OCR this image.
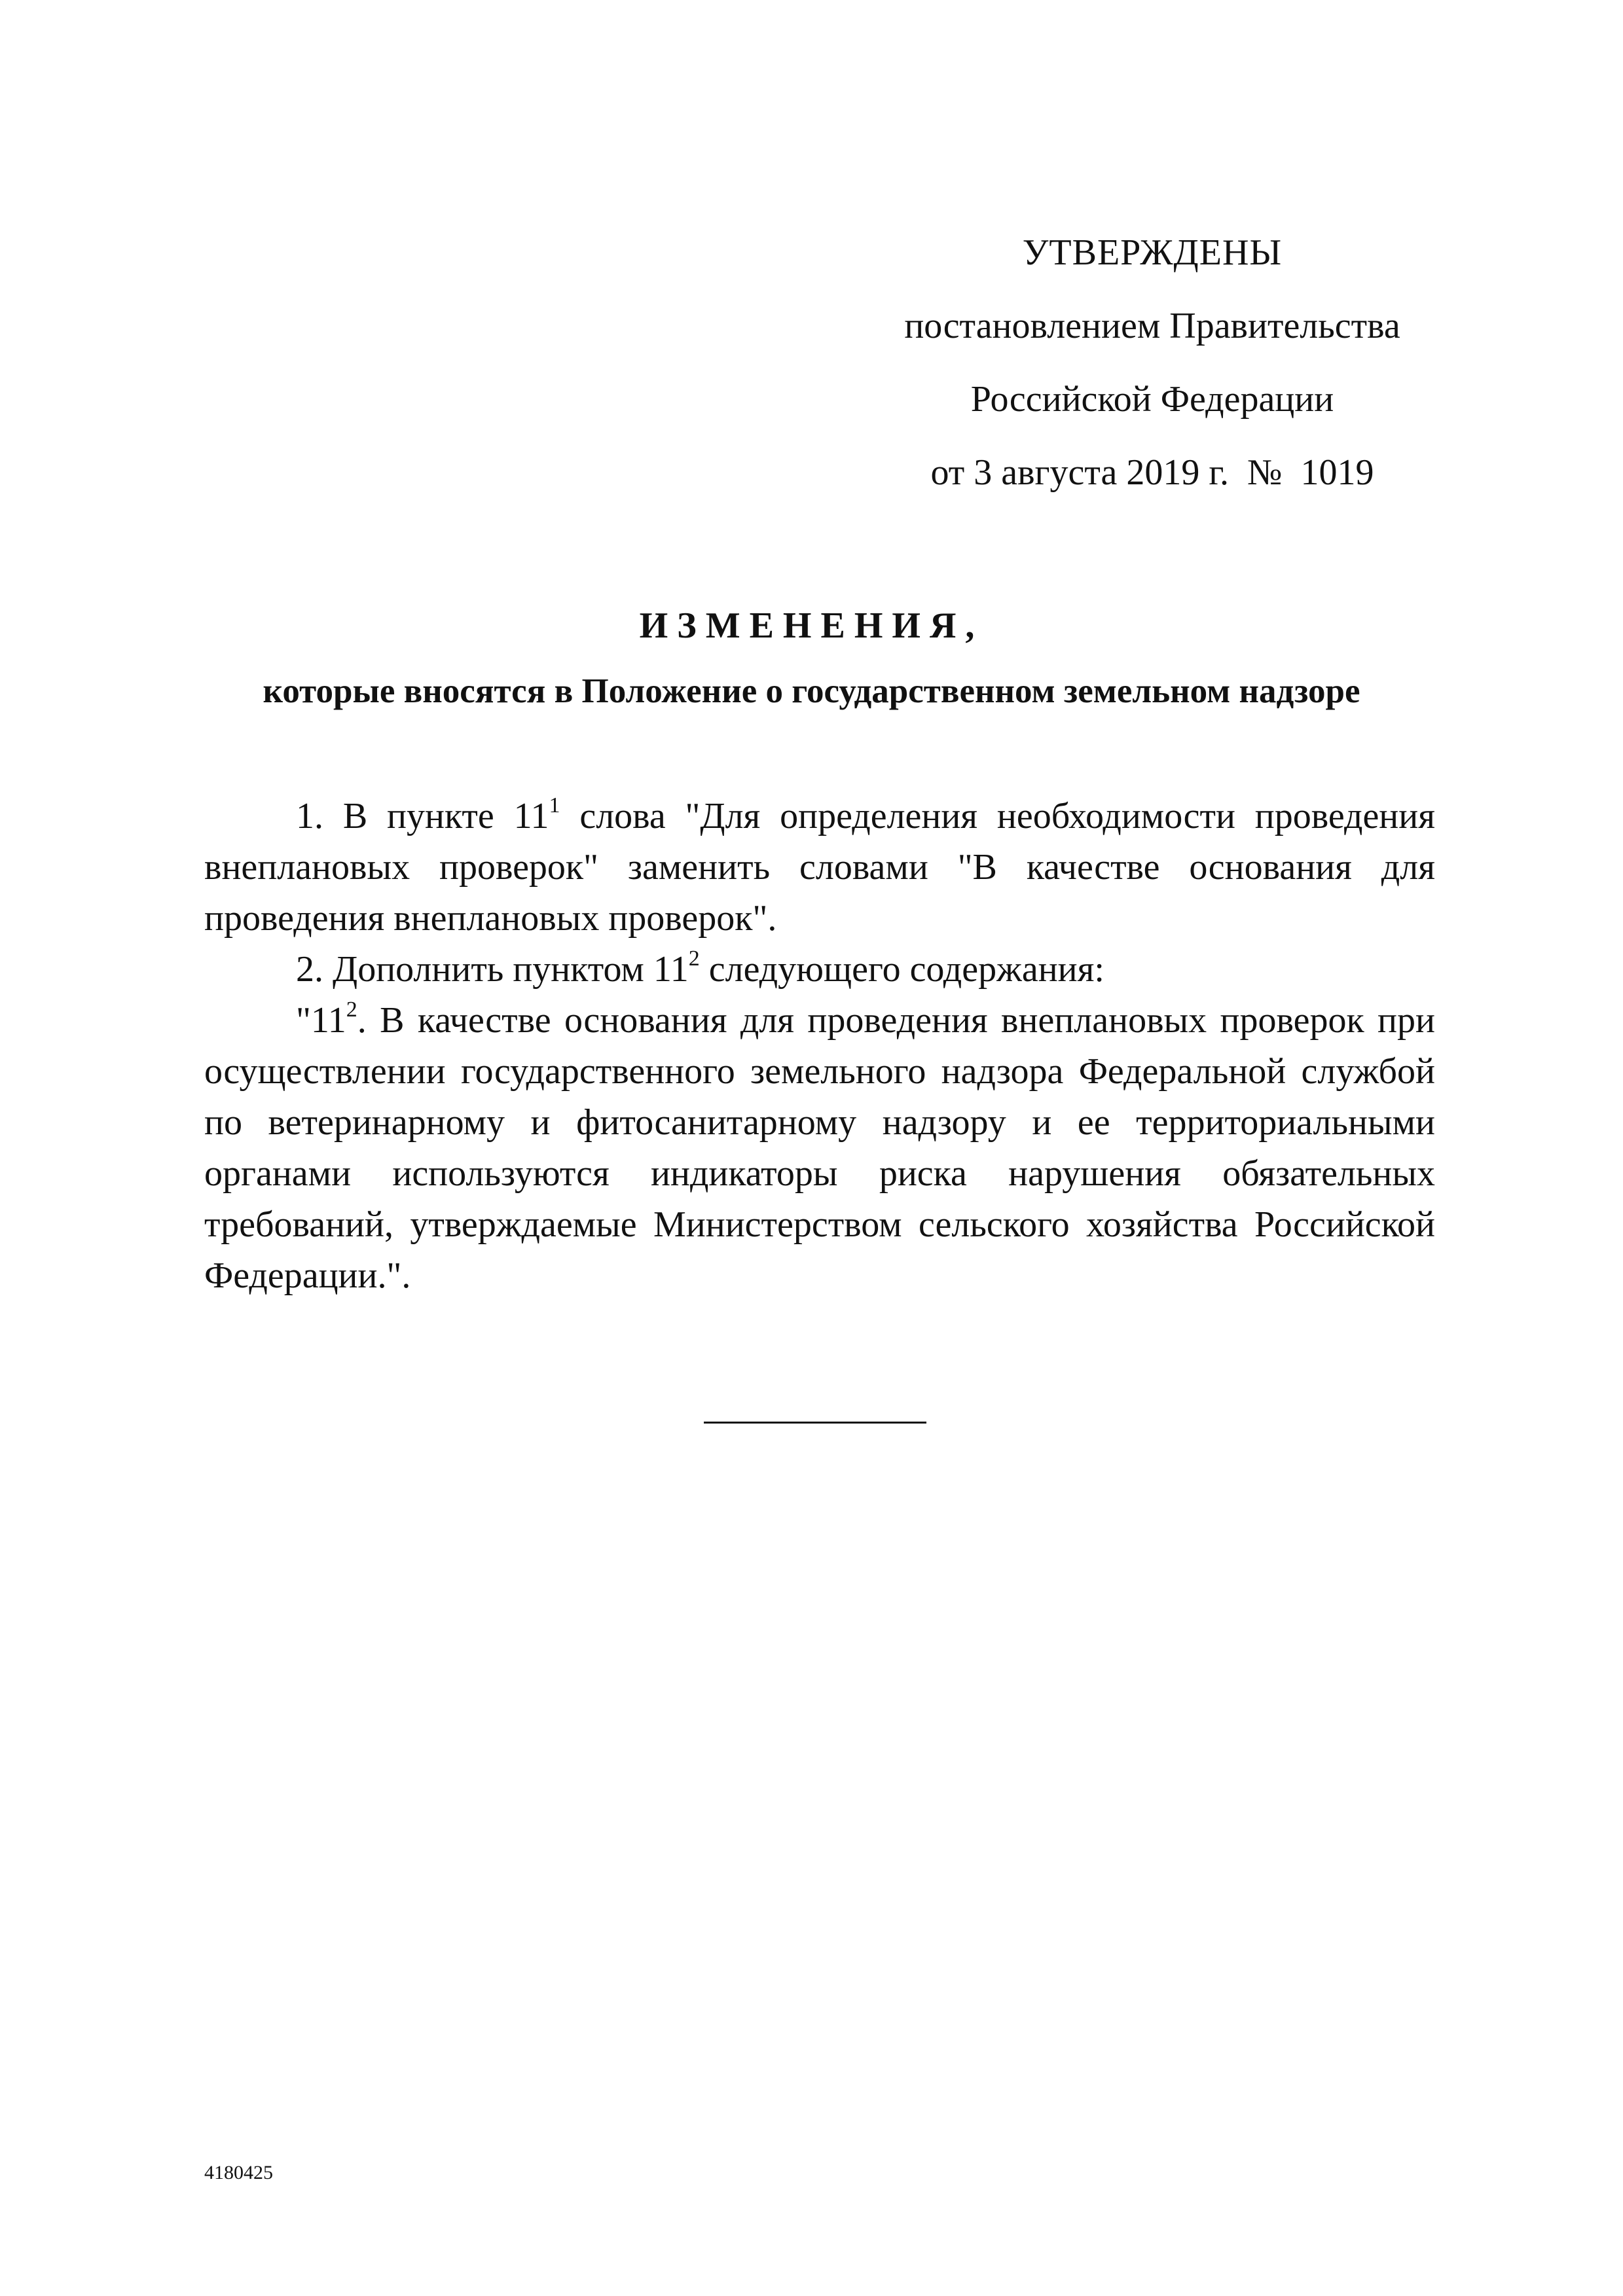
УТВЕРЖДЕНЫ
постановлением Правительства
Российской Федерации
от 3 августа 2019 г. № 1019
ИЗМЕНЕНИЯ,
которые вносятся в Положение о государственном земельном надзоре

1. В пункте $11^1$ слова "Для определения необходимости проведения внеплановых проверок" заменить словами "В качестве основания для проведения внеплановых проверок".

2. Дополнить пунктом $11^2$ следующего содержания:

"$11^2$. В качестве основания для проведения внеплановых проверок при осуществлении государственного земельного надзора Федеральной службой по ветеринарному и фитосанитарному надзору и ее территориальными органами используются индикаторы риска нарушения обязательных требований, утверждаемые Министерством сельского хозяйства Российской Федерации.".

4180425
